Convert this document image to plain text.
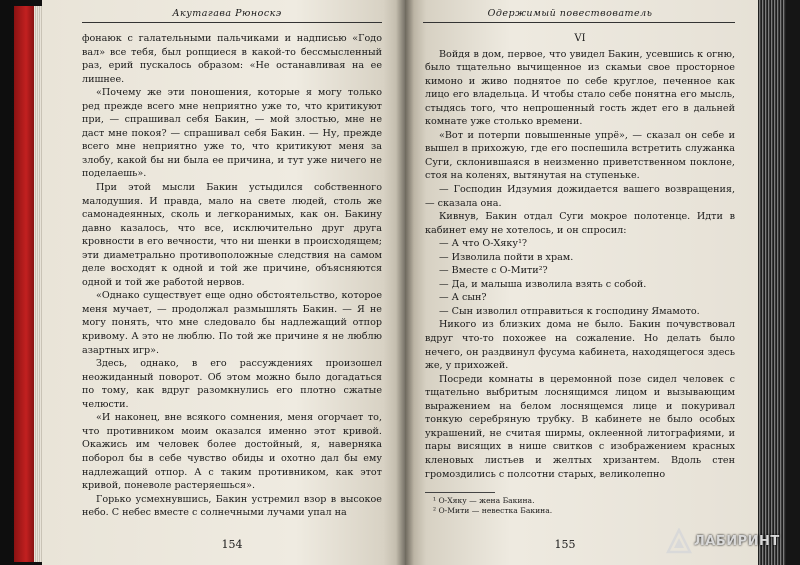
Акутагава Рюноскэ

фонаюк с галательными пальчиками и надписью «Годо вал» все тебя, был ропщиеся в какой-то бессмысленный раз, ерий пускалось образом: «Не останавливая на ее лишнее.

«Почему же эти поношения, которые я могу только ред прежде всего мне неприятно уже то, что критикуют при, — спрашивал себя Бакин, — мой злостью, мне не даст мне покоя? — спрашивал себя Бакин. — Ну, прежде всего мне неприятно уже то, что критикуют меня за злобу, какой бы ни была ее причина, и тут уже ничего не поделаешь».

При этой мысли Бакин устыдился собственного малодушия. И правда, мало на свете людей, столь же самонадеянных, сколь и легкоранимых, как он. Бакину давно казалось, что все, исключительно друг друга кровности в его вечности, что ни шенки в происходящем; эти диаметрально противоположные следствия на самом деле восходят к одной и той же причине, объясняются одной и той же работой нервов.

«Однако существует еще одно обстоятельство, которое меня мучает, — продолжал размышлять Бакин. — Я не могу понять, что мне следовало бы надлежащий отпор кривому. А это не люблю. По той же причине я не люблю азартных игр».

Здесь, однако, в его рассуждениях произошел неожиданный поворот. Об этом можно было догадаться по тому, как вдруг разомкнулись его плотно сжатые челюсти.

«И наконец, вне всякого сомнения, меня огорчает то, что противником моим оказался именно этот кривой. Окажись им человек более достойный, я, наверняка поборол бы в себе чувство обиды и охотно дал бы ему надлежащий отпор. А с таким противником, как этот кривой, поневоле растеряешься».

Горько усмехнувшись, Бакин устремил взор в высокое небо. С небес вместе с солнечными лучами упал на

154
Одержимый повествователь

VI

Войдя в дом, первое, что увидел Бакин, усевшись к огню, было тщательно вычищенное из скамьи свое просторное кимоно и живо поднятое по себе круглое, печенное как лицо его владельца. И чтобы стало себе понятна его мысль, стыдясь того, что непрошенный гость ждет его в дальней комнате уже столько времени.

«Вот и потерпи повышенные упрё», — сказал он себе и вышел в прихожую, где его поспешила встретить служанка Суги, склонившаяся в неизменно приветственном поклоне, стоя на коленях, вытянутая на ступеньке.

— Господин Идзумия дожидается вашего возвращения, — сказала она.

Кивнув, Бакин отдал Суги мокрое полотенце. Идти в кабинет ему не хотелось, и он спросил:

— А что О-Хяку¹?

— Изволила пойти в храм.

— Вместе с О-Мити²?

— Да, и малыша изволила взять с собой.

— А сын?

— Сын изволил отправиться к господину Ямамото.

Никого из близких дома не было. Бакин почувствовал вдруг что-то похожее на сожаление. Но делать было нечего, он раздвинул фусума кабинета, находящегося здесь же, у прихожей.

Посреди комнаты в церемонной позе сидел человек с тщательно выбритым лоснящимся лицом и вызывающим выражением на белом лоснящемся лице и покуривал тонкую серебряную трубку. В кабинете не было особых украшений, не считая ширмы, оклеенной литографиями, и пары висящих в нише свитков с изображением красных кленовых листьев и желтых хризантем. Вдоль стен громоздились с полсотни старых, великолепно

¹ О-Хяку — жена Бакина.

² О-Мити — невестка Бакина.

155	ЛАБИРИНТ
